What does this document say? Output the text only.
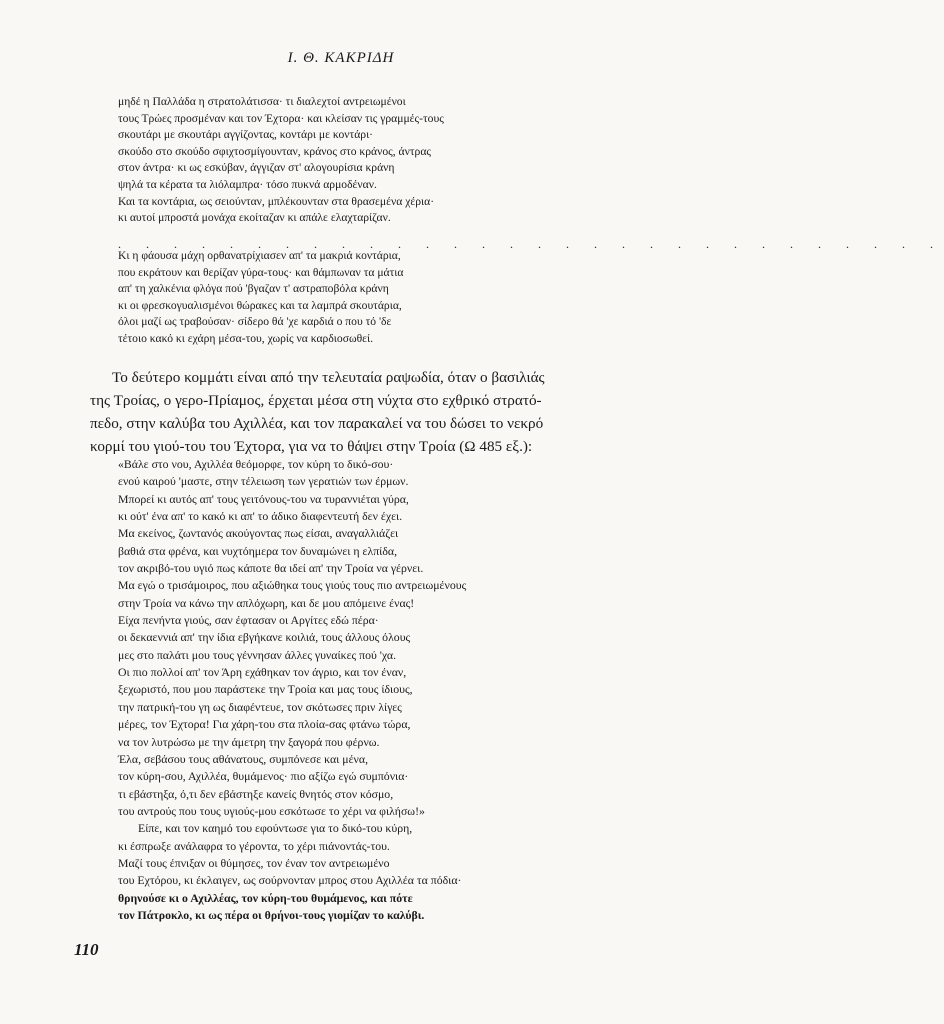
Ι. Θ. ΚΑΚΡΙΔΗ
μηδέ η Παλλάδα η στρατολάτισσα· τι διαλεχτοί αντρειωμένοι
τους Τρώες προσμέναν και τον Έχτορα· και κλείσαν τις γραμμές-τους
σκουτάρι με σκουτάρι αγγίζοντας, κοντάρι με κοντάρι·
σκούδο στο σκούδο σφιχτοσμίγουνταν, κράνος στο κράνος, άντρας
στον άντρα· κι ως εσκύβαν, άγγιζαν στ' αλογουρίσια κράνη
ψηλά τα κέρατα τα λιόλαμπρα· τόσο πυκνά αρμοδέναν.
Και τα κοντάρια, ως σειούνταν, μπλέκουνταν στα θρασεμένα χέρια·
κι αυτοί μπροστά μονάχα εκοίταζαν κι απάλε ελαχταρίζαν.
. . . . . . . . . . . . . . . . . . . . . . . . . . . . . .
Κι η φάουσα μάχη ορθανατρίχιασεν απ' τα μακριά κοντάρια,
που εκράτουν και θερίζαν γύρα-τους· και θάμπωναν τα μάτια
απ' τη χαλκένια φλόγα πού 'βγαζαν τ' αστραποβόλα κράνη
κι οι φρεσκογυαλισμένοι θώρακες και τα λαμπρά σκουτάρια,
όλοι μαζί ως τραβούσαν· σίδερο θά 'χε καρδιά ο που τό 'δε
τέτοιο κακό κι εχάρη μέσα-του, χωρίς να καρδιοσωθεί.
Το δεύτερο κομμάτι είναι από την τελευταία ραψωδία, όταν ο βασιλιάς
της Τροίας, ο γερο-Πρίαμος, έρχεται μέσα στη νύχτα στο εχθρικό στρατό-
πεδο, στην καλύβα του Αχιλλέα, και τον παρακαλεί να του δώσει το νεκρό
κορμί του γιού-του του Έχτορα, για να το θάψει στην Τροία (Ω 485 εξ.):
«Βάλε στο νου, Αχιλλέα θεόμορφε, τον κύρη το δικό-σου·
ενού καιρού 'μαστε, στην τέλειωση των γερατιών των έρμων.
Μπορεί κι αυτός απ' τους γειτόνους-του να τυραννιέται γύρα,
κι ούτ' ένα απ' το κακό κι απ' το άδικο διαφεντευτή δεν έχει.
Μα εκείνος, ζωντανός ακούγοντας πως είσαι, αναγαλλιάζει
βαθιά στα φρένα, και νυχτόημερα τον δυναμώνει η ελπίδα,
τον ακριβό-του υγιό πως κάποτε θα ιδεί απ' την Τροία να γέρνει.
Μα εγώ ο τρισάμοιρος, που αξιώθηκα τους γιούς τους πιο αντρειωμένους
στην Τροία να κάνω την απλόχωρη, και δε μου απόμεινε ένας!
Είχα πενήντα γιούς, σαν έφτασαν οι Αργίτες εδώ πέρα·
οι δεκαεννιά απ' την ίδια εβγήκανε κοιλιά, τους άλλους όλους
μες στο παλάτι μου τους γέννησαν άλλες γυναίκες πού 'χα.
Οι πιο πολλοί απ' τον Άρη εχάθηκαν τον άγριο, και τον έναν,
ξεχωριστό, που μου παράστεκε την Τροία και μας τους ίδιους,
την πατρική-του γη ως διαφέντευε, τον σκότωσες πριν λίγες
μέρες, τον Έχτορα! Για χάρη-του στα πλοία-σας φτάνω τώρα,
να τον λυτρώσω με την άμετρη την ξαγορά που φέρνω.
Έλα, σεβάσου τους αθάνατους, συμπόνεσε και μένα,
τον κύρη-σου, Αχιλλέα, θυμάμενος· πιο αξίζω εγώ συμπόνια·
τι εβάστηξα, ό,τι δεν εβάστηξε κανείς θνητός στον κόσμο,
του αντρούς που τους υγιούς-μου εσκότωσε το χέρι να φιλήσω!»
Είπε, και τον καημό του εφούντωσε για το δικό-του κύρη,
κι έσπρωξε ανάλαφρα το γέροντα, το χέρι πιάνοντάς-του.
Μαζί τους έπνιξαν οι θύμησες, τον έναν τον αντρειωμένο
του Εχτόρου, κι έκλαιγεν, ως σούρνονταν μπρος στου Αχιλλέα τα πόδια·
θρηνούσε κι ο Αχιλλέας, τον κύρη-του θυμάμενος, και πότε
τον Πάτροκλο, κι ως πέρα οι θρήνοι-τους γιομίζαν το καλύβι.
110
